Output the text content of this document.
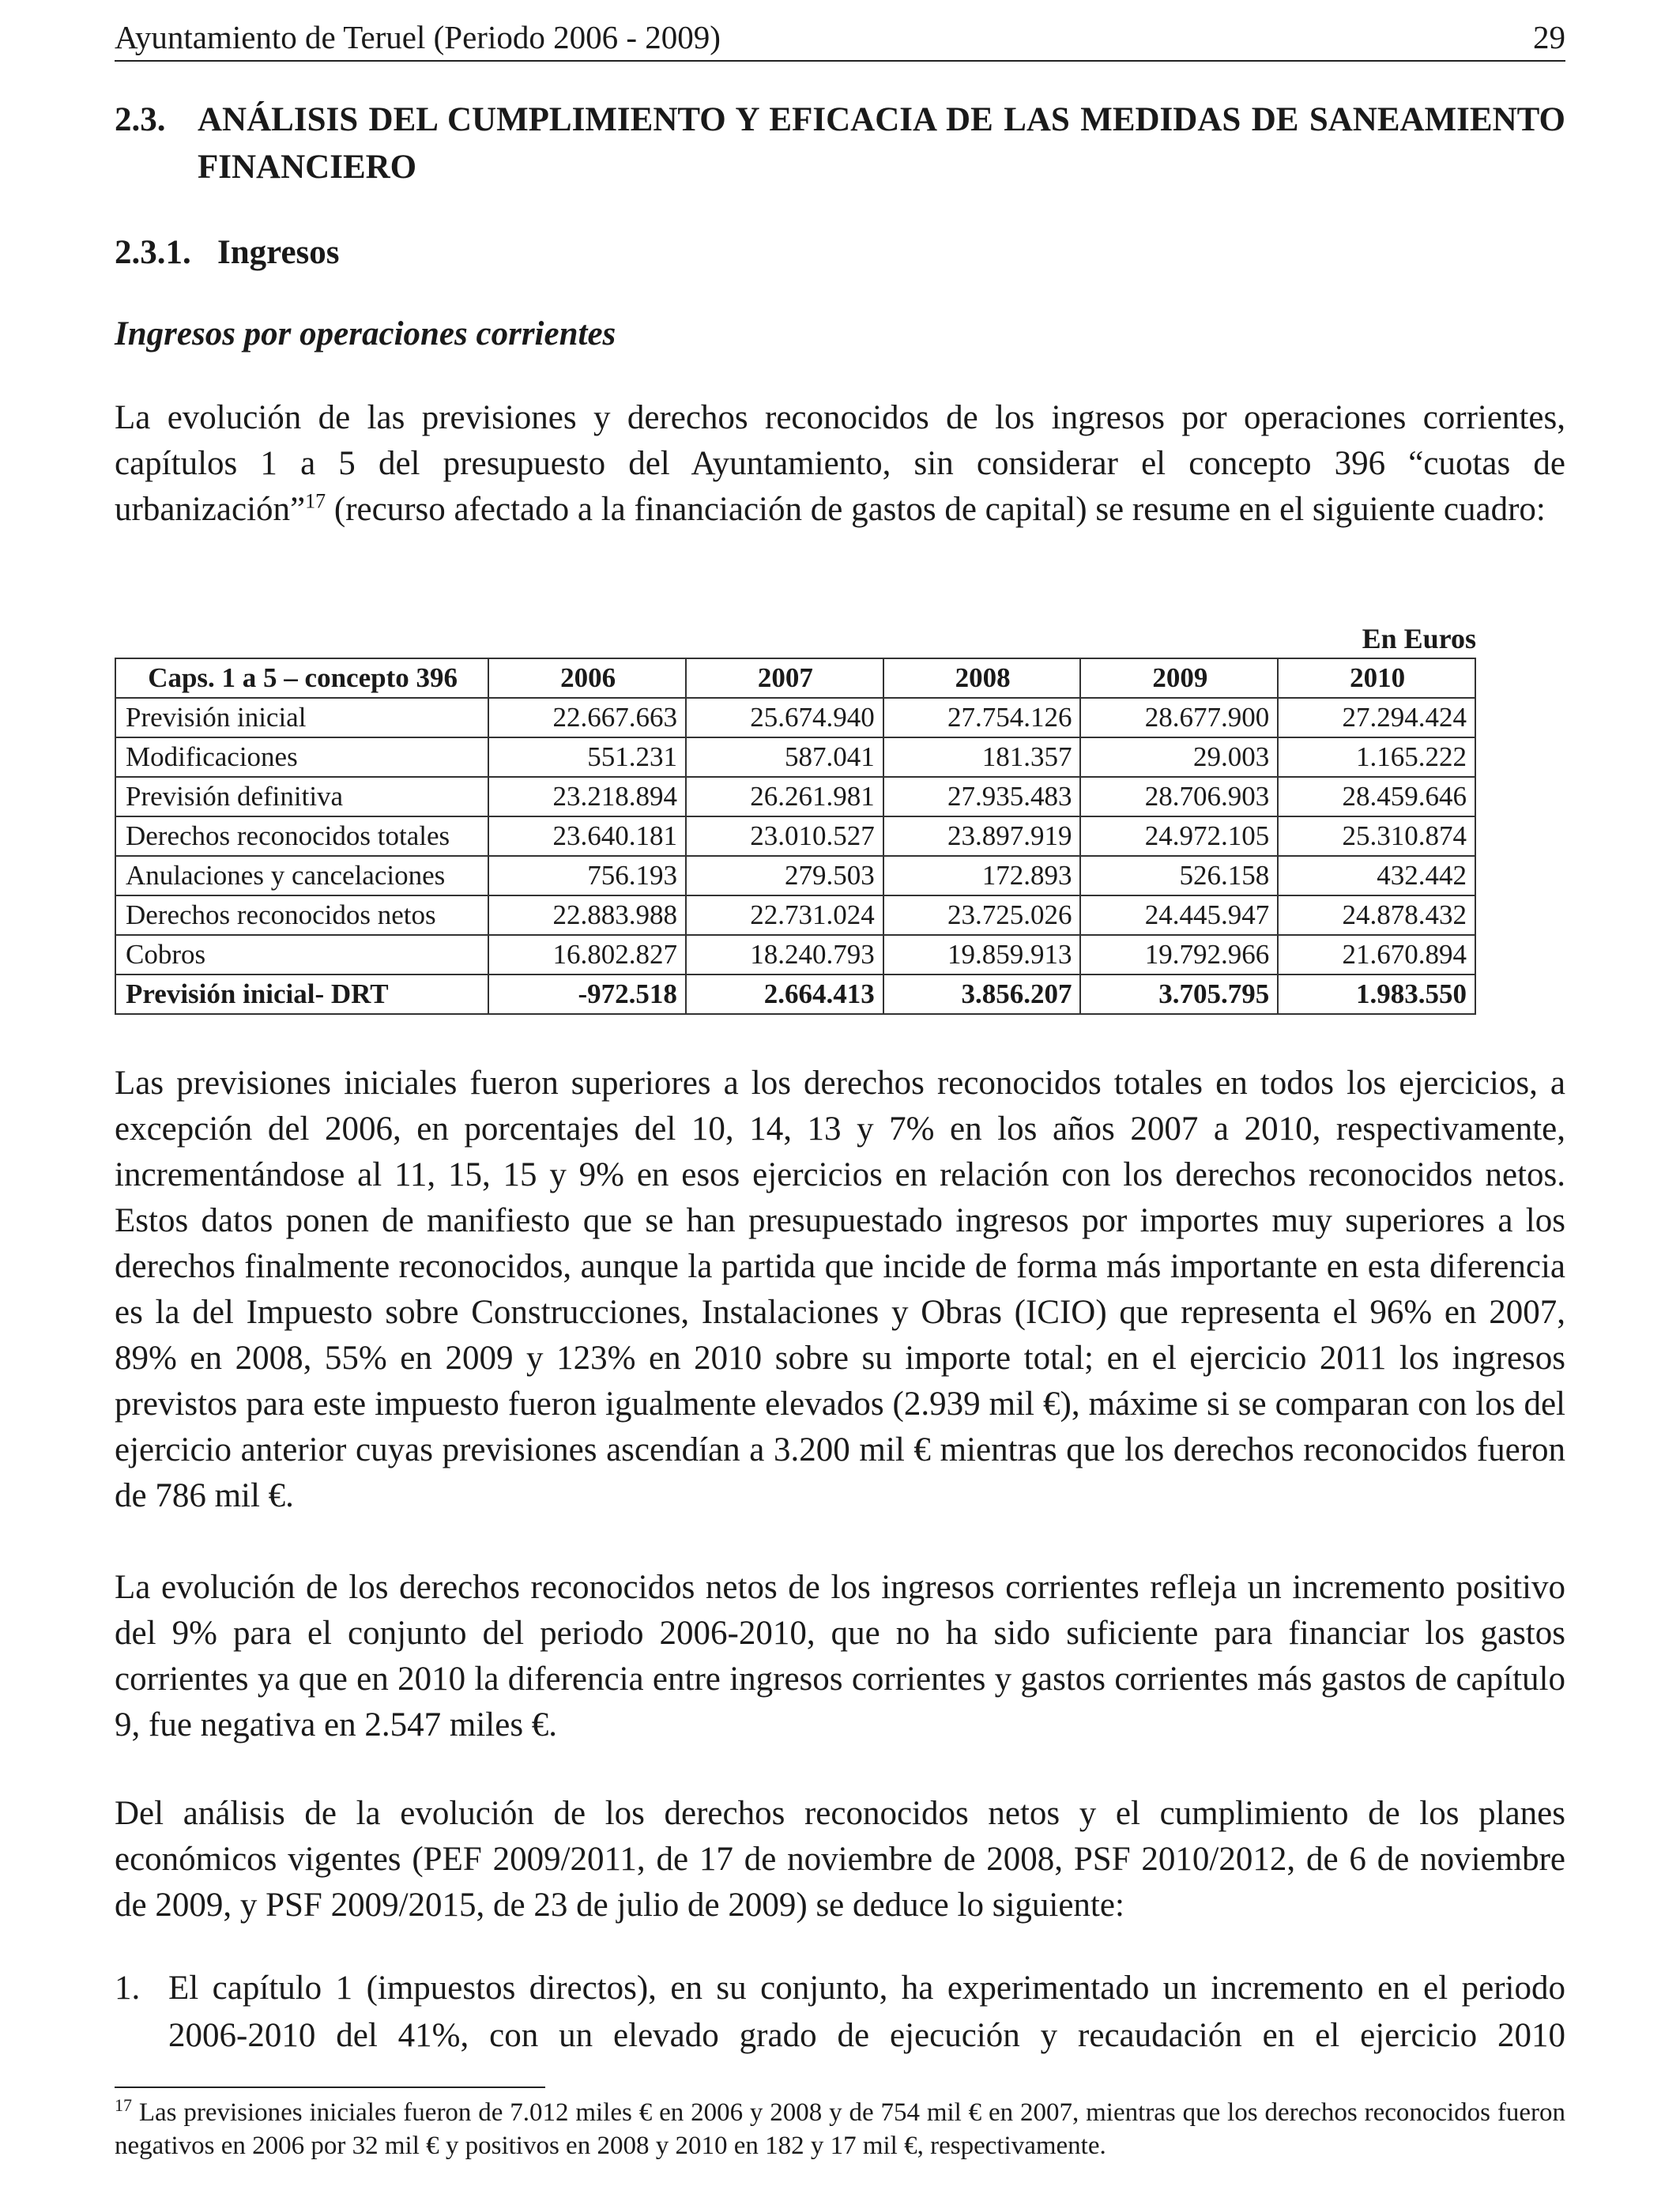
Ayuntamiento de Teruel (Periodo 2006 - 2009)	29
2.3. ANÁLISIS DEL CUMPLIMIENTO Y EFICACIA DE LAS MEDIDAS DE SANEAMIENTO FINANCIERO
2.3.1. Ingresos
Ingresos por operaciones corrientes

La evolución de las previsiones y derechos reconocidos de los ingresos por operaciones corrientes, capítulos 1 a 5 del presupuesto del Ayuntamiento, sin considerar el concepto 396 “cuotas de urbanización”$^{17}$ (recurso afectado a la financiación de gastos de capital) se resume en el siguiente cuadro:

En Euros
Caps. 1 a 5 – concepto 396	2006	2007	2008	2009	2010
Previsión inicial	22.667.663	25.674.940	27.754.126	28.677.900	27.294.424
Modificaciones	551.231	587.041	181.357	29.003	1.165.222
Previsión definitiva	23.218.894	26.261.981	27.935.483	28.706.903	28.459.646
Derechos reconocidos totales	23.640.181	23.010.527	23.897.919	24.972.105	25.310.874
Anulaciones y cancelaciones	756.193	279.503	172.893	526.158	432.442
Derechos reconocidos netos	22.883.988	22.731.024	23.725.026	24.445.947	24.878.432
Cobros	16.802.827	18.240.793	19.859.913	19.792.966	21.670.894
Previsión inicial- DRT	-972.518	2.664.413	3.856.207	3.705.795	1.983.550

Las previsiones iniciales fueron superiores a los derechos reconocidos totales en todos los ejercicios, a excepción del 2006, en porcentajes del 10, 14, 13 y 7% en los años 2007 a 2010, respectivamente, incrementándose al 11, 15, 15 y 9% en esos ejercicios en relación con los derechos reconocidos netos. Estos datos ponen de manifiesto que se han presupuestado ingresos por importes muy superiores a los derechos finalmente reconocidos, aunque la partida que incide de forma más importante en esta diferencia es la del Impuesto sobre Construcciones, Instalaciones y Obras (ICIO) que representa el 96% en 2007, 89% en 2008, 55% en 2009 y 123% en 2010 sobre su importe total; en el ejercicio 2011 los ingresos previstos para este impuesto fueron igualmente elevados (2.939 mil €), máxime si se comparan con los del ejercicio anterior cuyas previsiones ascendían a 3.200 mil € mientras que los derechos reconocidos fueron de 786 mil €.

La evolución de los derechos reconocidos netos de los ingresos corrientes refleja un incremento positivo del 9% para el conjunto del periodo 2006-2010, que no ha sido suficiente para financiar los gastos corrientes ya que en 2010 la diferencia entre ingresos corrientes y gastos corrientes más gastos de capítulo 9, fue negativa en 2.547 miles €.

Del análisis de la evolución de los derechos reconocidos netos y el cumplimiento de los planes económicos vigentes (PEF 2009/2011, de 17 de noviembre de 2008, PSF 2010/2012, de 6 de noviembre de 2009, y PSF 2009/2015, de 23 de julio de 2009) se deduce lo siguiente:

1. El capítulo 1 (impuestos directos), en su conjunto, ha experimentado un incremento en el periodo 2006-2010 del 41%, con un elevado grado de ejecución y recaudación en el ejercicio 2010

$^{17}$ Las previsiones iniciales fueron de 7.012 miles € en 2006 y 2008 y de 754 mil € en 2007, mientras que los derechos reconocidos fueron negativos en 2006 por 32 mil € y positivos en 2008 y 2010 en 182 y 17 mil €, respectivamente.
